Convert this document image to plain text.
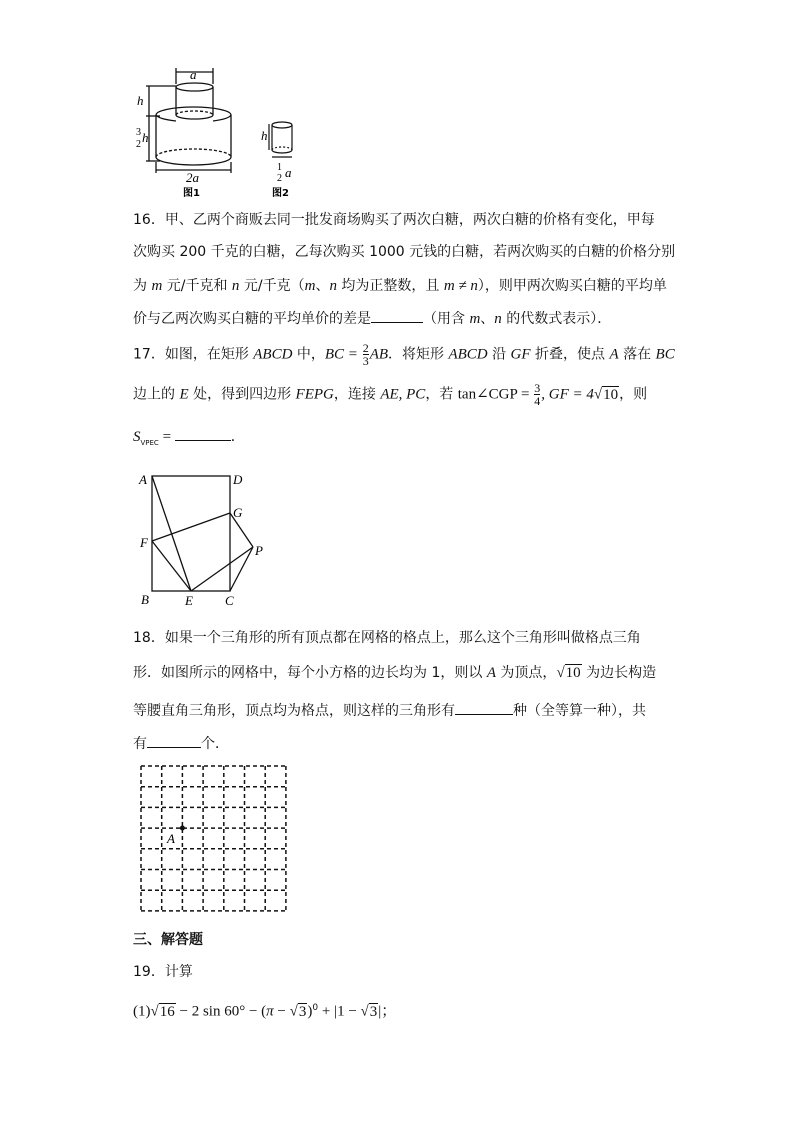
a
h
3
2 h
2a
图1
h
1
2 a
图2
A	D
G
F
P
B	E C
A
16．甲、乙两个商贩去同一批发商场购买了两次白糖，两次白糖的价格有变化，甲每
次购买 200 千克的白糖，乙每次购买 1000 元钱的白糖，若两次购买的白糖的价格分别
为 m 元/千克和 n 元/千克（m、n 均为正整数，且 m ≠ n），则甲两次购买白糖的平均单
价与乙两次购买白糖的平均单价的差是	（用含 m、n 的代数式表示）．
17．如图，在矩形 ABCD 中，BC = $\frac{2}{3}$ AB．将矩形 ABCD 沿 GF 折叠，使点 A 落在 BC
边上的 E 处，得到四边形 FEPG，连接 AE, PC，若 tan∠CGP = $\frac{3}{4}$ , GF = 4√10，则
$S_{VPEC}$ =	．
18．如果一个三角形的所有顶点都在网格的格点上，那么这个三角形叫做格点三角
形．如图所示的网格中，每个小方格的边长均为 1，则以 A 为顶点，√10 为边长构造
等腰直角三角形，顶点均为格点，则这样的三角形有	种（全等算一种），共
有	个．
三、解答题
19．计算
(1)√16 − 2 $\sin 60^\circ - (\pi - √3)^0 + |1 - √3|$；
